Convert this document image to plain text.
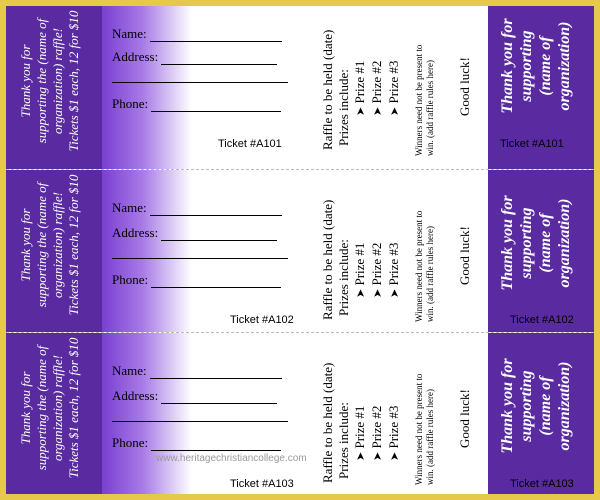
Thank you for supporting the (name of organization) raffle! Tickets $1 each, 12 for $10 Name:
Address:
Phone:
Ticket #A101	Raffle to be held (date) Prizes include: ➤ Prize #1
➤ Prize #2
➤ Prize #3 Winners need not be present to win. (add raffle rules here) Good luck! Thank you for supporting (name of organization)
Ticket #A101
Thank you for supporting the (name of organization) raffle! Tickets $1 each, 12 for $10 Name:
Address:
Phone:
Ticket #A102 Raffle to be held (date) Prizes include: ➤ Prize #1
➤ Prize #2
➤ Prize #3 Winners need not be present to win. (add raffle rules here) Good luck! Thank you for supporting (name of organization)
Ticket #A102
Thank you for supporting the (name of organization) raffle! Tickets $1 each, 12 for $10 Name:
Address:
Phone:
Ticket #A103
www.heritagechristiancollege.com Raffle to be held (date) Prizes include: ➤ Prize #1
➤ Prize #2
➤ Prize #3 Winners need not be present to win. (add raffle rules here) Good luck! Thank you for supporting (name of organization)
Ticket #A103
